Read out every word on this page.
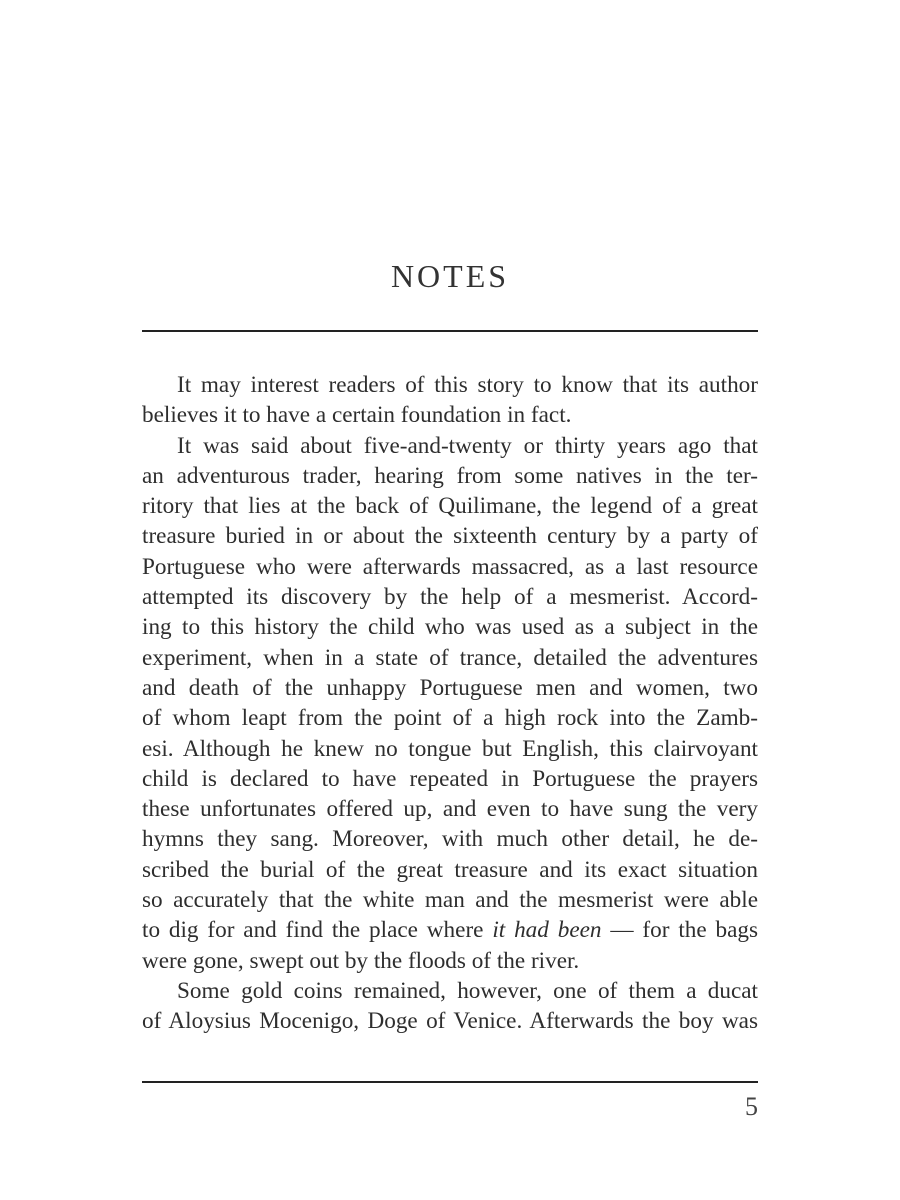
NOTES
It may interest readers of this story to know that its author
believes it to have a certain foundation in fact.
It was said about five-and-twenty or thirty years ago that
an adventurous trader, hearing from some natives in the ter-
ritory that lies at the back of Quilimane, the legend of a great
treasure buried in or about the sixteenth century by a party of
Portuguese who were afterwards massacred, as a last resource
attempted its discovery by the help of a mesmerist. Accord-
ing to this history the child who was used as a subject in the
experiment, when in a state of trance, detailed the adventures
and death of the unhappy Portuguese men and women, two
of whom leapt from the point of a high rock into the Zamb-
esi. Although he knew no tongue but English, this clairvoyant
child is declared to have repeated in Portuguese the prayers
these unfortunates offered up, and even to have sung the very
hymns they sang. Moreover, with much other detail, he de-
scribed the burial of the great treasure and its exact situation
so accurately that the white man and the mesmerist were able
to dig for and find the place where it had been — for the bags
were gone, swept out by the floods of the river.
Some gold coins remained, however, one of them a ducat
of Aloysius Mocenigo, Doge of Venice. Afterwards the boy was
5
